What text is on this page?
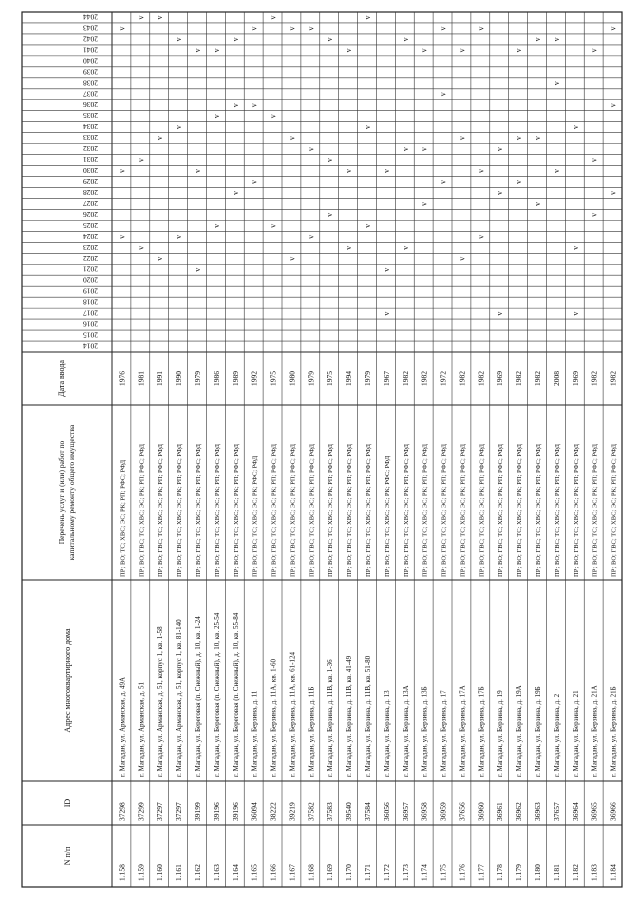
N п/п
ID
Адрес многоквартирного дома
Перечень услуг и (или) работ покапитальному ремонту общего имущества
Дата ввода
2014
2015
2016
2017
2018
2019
2020
2021
2022
2023
2024
2025
2026
2027
2028
2029
2030
2031
2032
2033
2034
2035
2036
2037
2038
2039
2040
2041
2042
2043
2044
1.158
37298
г. Магадан, ул. Арманская, д. 49А
ПР; ВО; ТС; ХВС; ЭС; РК; РП; РФС; РФД
1976
1.159
37299
г. Магадан, ул. Арманская, д. 51
ПР; ВО; ГВС; ТС; ХВС; ЭС; РК; РП; РФС; РФД
1981
1.160
37297
г. Магадан, ул. Арманская, д. 51, корпус 1, кв. 1-58
ПР; ВО; ГВС; ТС; ХВС; ЭС; РК; РП; РФС; РФД
1991
1.161
37297
г. Магадан, ул. Арманская, д. 51, корпус 1, кв. 81-140
ПР; ВО; ГВС; ТС; ХВС; ЭС; РК; РП; РФС; РФД
1990
1.162
39199
г. Магадан, ул. Береговая (п. Снежный), д. 10, кв. 1-24
ПР; ВО; ГВС; ТС; ХВС; ЭС; РК; РП; РФС; РФД
1979
1.163
39196
г. Магадан, ул. Береговая (п. Снежный), д. 10, кв. 25-54
ПР; ВО; ГВС; ТС; ХВС; ЭС; РК; РП; РФС; РФД
1986
1.164
39196
г. Магадан, ул. Береговая (п. Снежный), д. 10, кв. 55-84
ПР; ВО; ГВС; ТС; ХВС; ЭС; РК; РП; РФС; РФД
1989
1.165
36094
г. Магадан, ул. Берзина, д. 11
ПР; ВО; ГВС; ТС; ХВС; ЭС; РК; РФС; РФД
1992
1.166
38222
г. Магадан, ул. Берзина, д. 11А, кв. 1-60
ПР; ВО; ГВС; ТС; ХВС; ЭС; РК; РП; РФС; РФД
1975
1.167
39219
г. Магадан, ул. Берзина, д. 11А, кв. 61-124
ПР; ВО; ГВС; ТС; ХВС; ЭС; РК; РП; РФС; РФД
1980
1.168
37582
г. Магадан, ул. Берзина, д. 11Б
ПР; ВО; ГВС; ТС; ХВС; ЭС; РК; РП; РФС; РФД
1979
1.169
37583
г. Магадан, ул. Берзина, д. 11В, кв. 1-36
ПР; ВО; ГВС; ТС; ХВС; ЭС; РК; РП; РФС; РФД
1975
1.170
39540
г. Магадан, ул. Берзина, д. 11В, кв. 41-49
ПР; ВО; ГВС; ТС; ХВС; ЭС; РК; РП; РФС; РФД
1994
1.171
37584
г. Магадан, ул. Берзина, д. 11В, кв. 51-80
ПР; ВО; ГВС; ТС; ХВС; ЭС; РК; РП; РФС; РФД
1979
1.172
36056
г. Магадан, ул. Берзина, д. 13
ПР; ВО; ГВС; ТС; ХВС; ЭС; РК; РФС; РФД
1967
1.173
36957
г. Магадан, ул. Берзина, д. 13А
ПР; ВО; ГВС; ТС; ХВС; ЭС; РК; РП; РФС; РФД
1982
1.174
36958
г. Магадан, ул. Берзина, д. 13Б
ПР; ВО; ГВС; ТС; ХВС; ЭС; РК; РП; РФС; РФД
1982
1.175
36959
г. Магадан, ул. Берзина, д. 17
ПР; ВО; ГВС; ТС; ХВС; ЭС; РК; РП; РФС; РФД
1972
1.176
37656
г. Магадан, ул. Берзина, д. 17А
ПР; ВО; ГВС; ТС; ХВС; ЭС; РК; РП; РФС; РФД
1982
1.177
36960
г. Магадан, ул. Берзина, д. 17Б
ПР; ВО; ГВС; ТС; ХВС; ЭС; РК; РП; РФС; РФД
1982
1.178
36961
г. Магадан, ул. Берзина, д. 19
ПР; ВО; ГВС; ТС; ХВС; ЭС; РК; РП; РФС; РФД
1969
1.179
36962
г. Магадан, ул. Берзина, д. 19А
ПР; ВО; ГВС; ТС; ХВС; ЭС; РК; РП; РФС; РФД
1982
1.180
36963
г. Магадан, ул. Берзина, д. 19Б
ПР; ВО; ГВС; ТС; ХВС; ЭС; РК; РП; РФС; РФД
1982
1.181
37657
г. Магадан, ул. Берзина, д. 2
ПР; ВО; ГВС; ТС; ХВС; ЭС; РК; РП; РФС; РФД
2008
1.182
36964
г. Магадан, ул. Берзина, д. 21
ПР; ВО; ГВС; ТС; ХВС; ЭС; РК; РП; РФС; РФД
1969
1.183
36965
г. Магадан, ул. Берзина, д. 21А
ПР; ВО; ГВС; ТС; ХВС; ЭС; РК; РП; РФС; РФД
1982
1.184
36966
г. Магадан, ул. Берзина, д. 21Б
ПР; ВО; ГВС; ТС; ХВС; ЭС; РК; РП; РФС; РФД
1982
v
v
v
v
v
v
v
v
v
v
v
v
v
v
v
v
v
v
v
v
v
v
v
v
v
v
v
v
v
v
v
v
v
v
v
v
v
v
v
v
v
v
v
v
v
v
v
v
v
v
v
v
v
v
v
v
v
v
v
v
v
v
v
v
v
v
v
v
v
v
v
v
v
v
v
v
v
v
v
v
v
